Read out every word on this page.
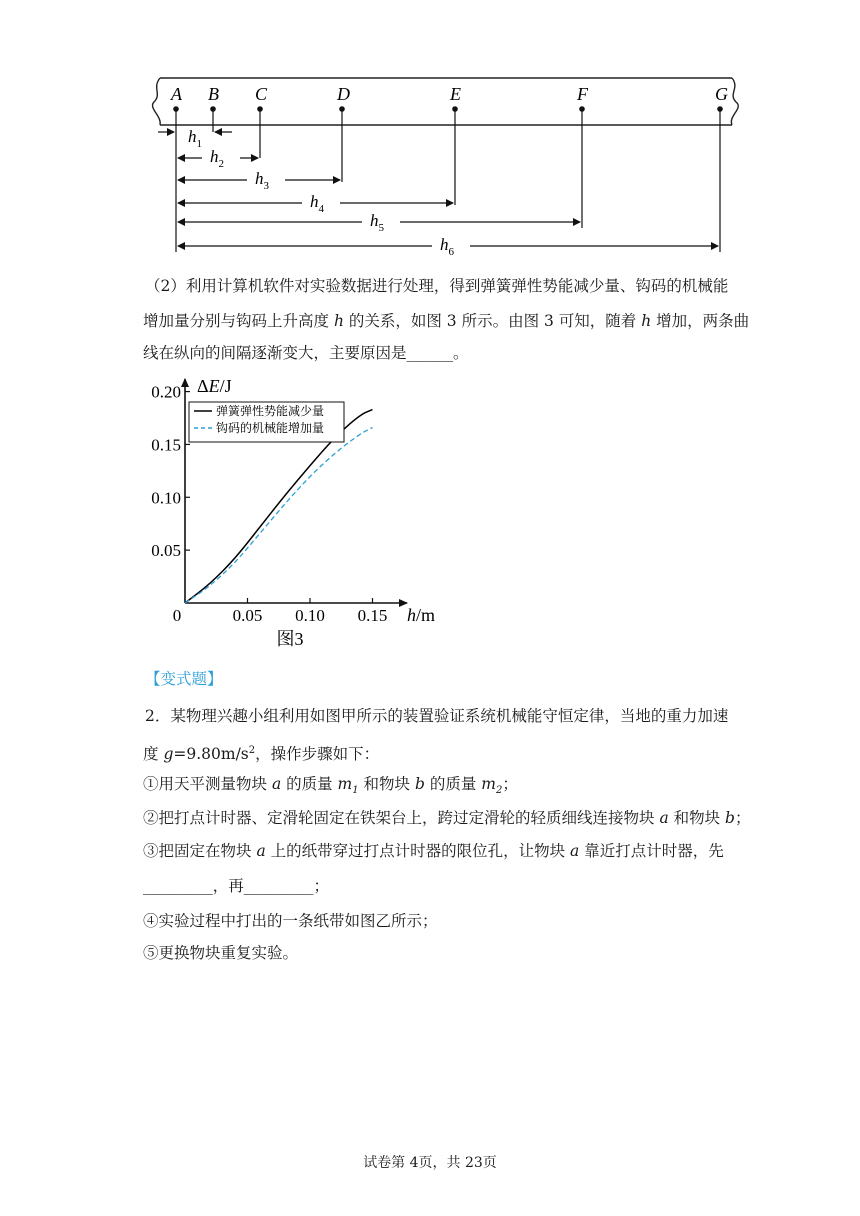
A B C	D	E	F	G
$h_1$
$h_2$
$h_3$
$h_4$
$h_5$
$h_6$
（2）利用计算机软件对实验数据进行处理，得到弹簧弹性势能减少量、钩码的机械能
增加量分别与钩码上升高度 h 的关系，如图 3 所示。由图 3 可知，随着 h 增加，两条曲
线在纵向的间隔逐渐变大，主要原因是______。
0	0.05 0.10 0.15
0.05
0.10
0.15
0.20
弹簧弹性势能减少量
钩码的机械能增加量
ΔE/J
h/m
图3
【变式题】
2．某物理兴趣小组利用如图甲所示的装置验证系统机械能守恒定律，当地的重力加速
度 $g=9.80m/s^2$，操作步骤如下：
①用天平测量物块 a 的质量 $m_1$ 和物块 b 的质量 $m_2$；
②把打点计时器、定滑轮固定在铁架台上，跨过定滑轮的轻质细线连接物块 a 和物块 b；
③把固定在物块 a 上的纸带穿过打点计时器的限位孔，让物块 a 靠近打点计时器，先
_________，再_________；
④实验过程中打出的一条纸带如图乙所示；
⑤更换物块重复实验。
试卷第 4页，共 23页
